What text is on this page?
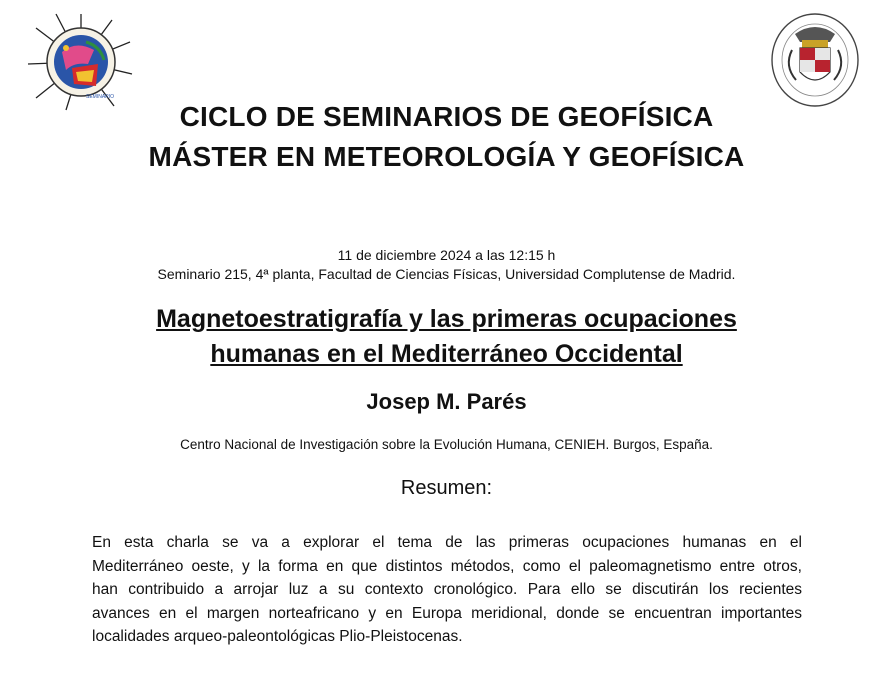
SEMINARIO
CICLO DE SEMINARIOS DE GEOFÍSICA
MÁSTER EN METEOROLOGÍA Y GEOFÍSICA
11 de diciembre 2024 a las 12:15 h
Seminario 215, 4ª planta, Facultad de Ciencias Físicas, Universidad Complutense de Madrid.
Magnetoestratigrafía y las primeras ocupaciones
humanas en el Mediterráneo Occidental
Josep M. Parés
Centro Nacional de Investigación sobre la Evolución Humana, CENIEH. Burgos, España.
Resumen:
En esta charla se va a explorar el tema de las primeras ocupaciones humanas en el
Mediterráneo oeste, y la forma en que distintos métodos, como el paleomagnetismo entre otros,
han contribuido a arrojar luz a su contexto cronológico. Para ello se discutirán los recientes
avances en el margen norteafricano y en Europa meridional, donde se encuentran importantes
localidades arqueo-paleontológicas Plio-Pleistocenas.
